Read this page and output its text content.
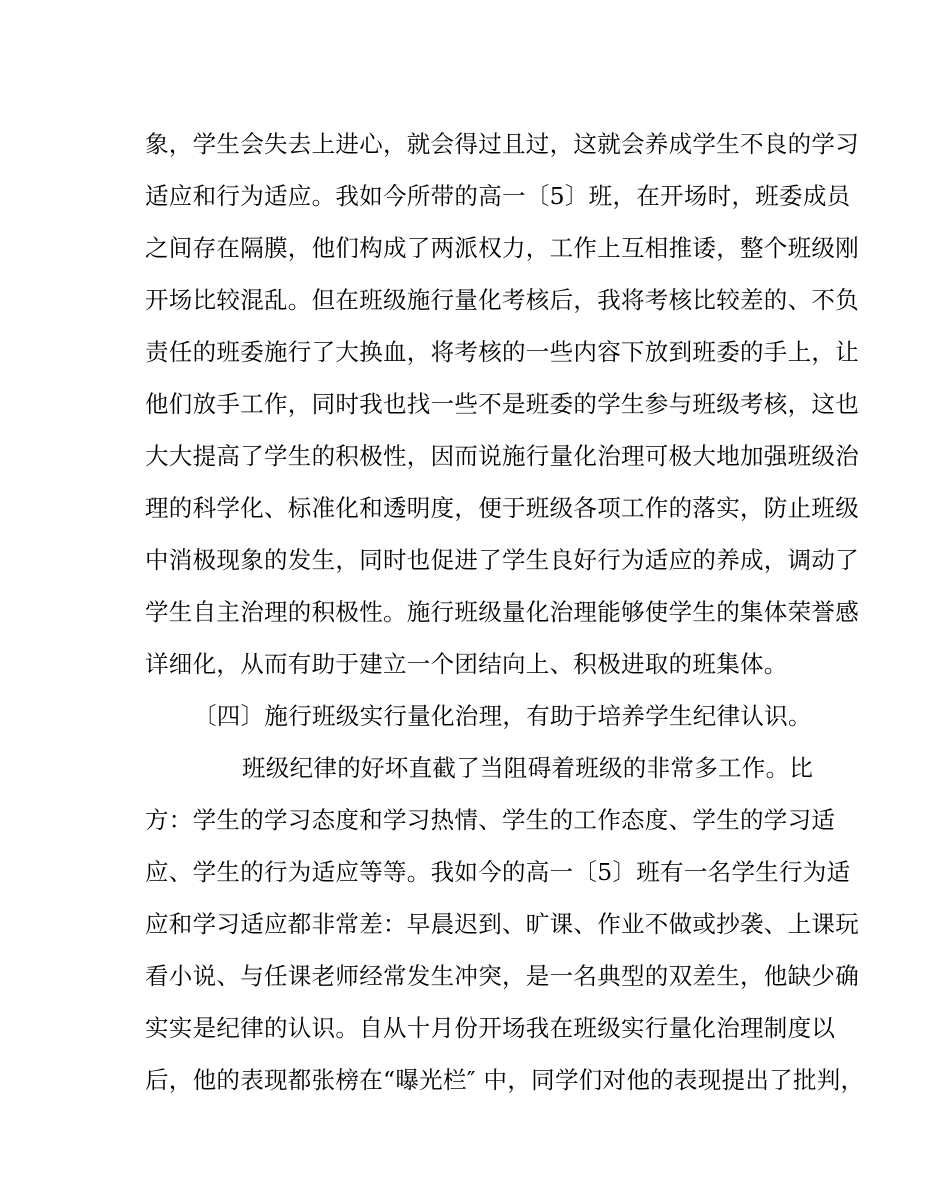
象，学生会失去上进心，就会得过且过，这就会养成学生不良的学习
适应和行为适应。我如今所带的高一〔5〕班，在开场时，班委成员
之间存在隔膜，他们构成了两派权力，工作上互相推诿，整个班级刚
开场比较混乱。但在班级施行量化考核后，我将考核比较差的、不负
责任的班委施行了大换血，将考核的一些内容下放到班委的手上，让
他们放手工作，同时我也找一些不是班委的学生参与班级考核，这也
大大提高了学生的积极性，因而说施行量化治理可极大地加强班级治
理的科学化、标准化和透明度，便于班级各项工作的落实，防止班级
中消极现象的发生，同时也促进了学生良好行为适应的养成，调动了
学生自主治理的积极性。施行班级量化治理能够使学生的集体荣誉感
详细化，从而有助于建立一个团结向上、积极进取的班集体。
〔四〕施行班级实行量化治理，有助于培养学生纪律认识。
班级纪律的好坏直截了当阻碍着班级的非常多工作。比
方：学生的学习态度和学习热情、学生的工作态度、学生的学习适
应、学生的行为适应等等。我如今的高一〔5〕班有一名学生行为适
应和学习适应都非常差：早晨迟到、旷课、作业不做或抄袭、上课玩
看小说、与任课老师经常发生冲突，是一名典型的双差生，他缺少确
实实是纪律的认识。自从十月份开场我在班级实行量化治理制度以
后，他的表现都张榜在“曝光栏″ 中，同学们对他的表现提出了批判，
